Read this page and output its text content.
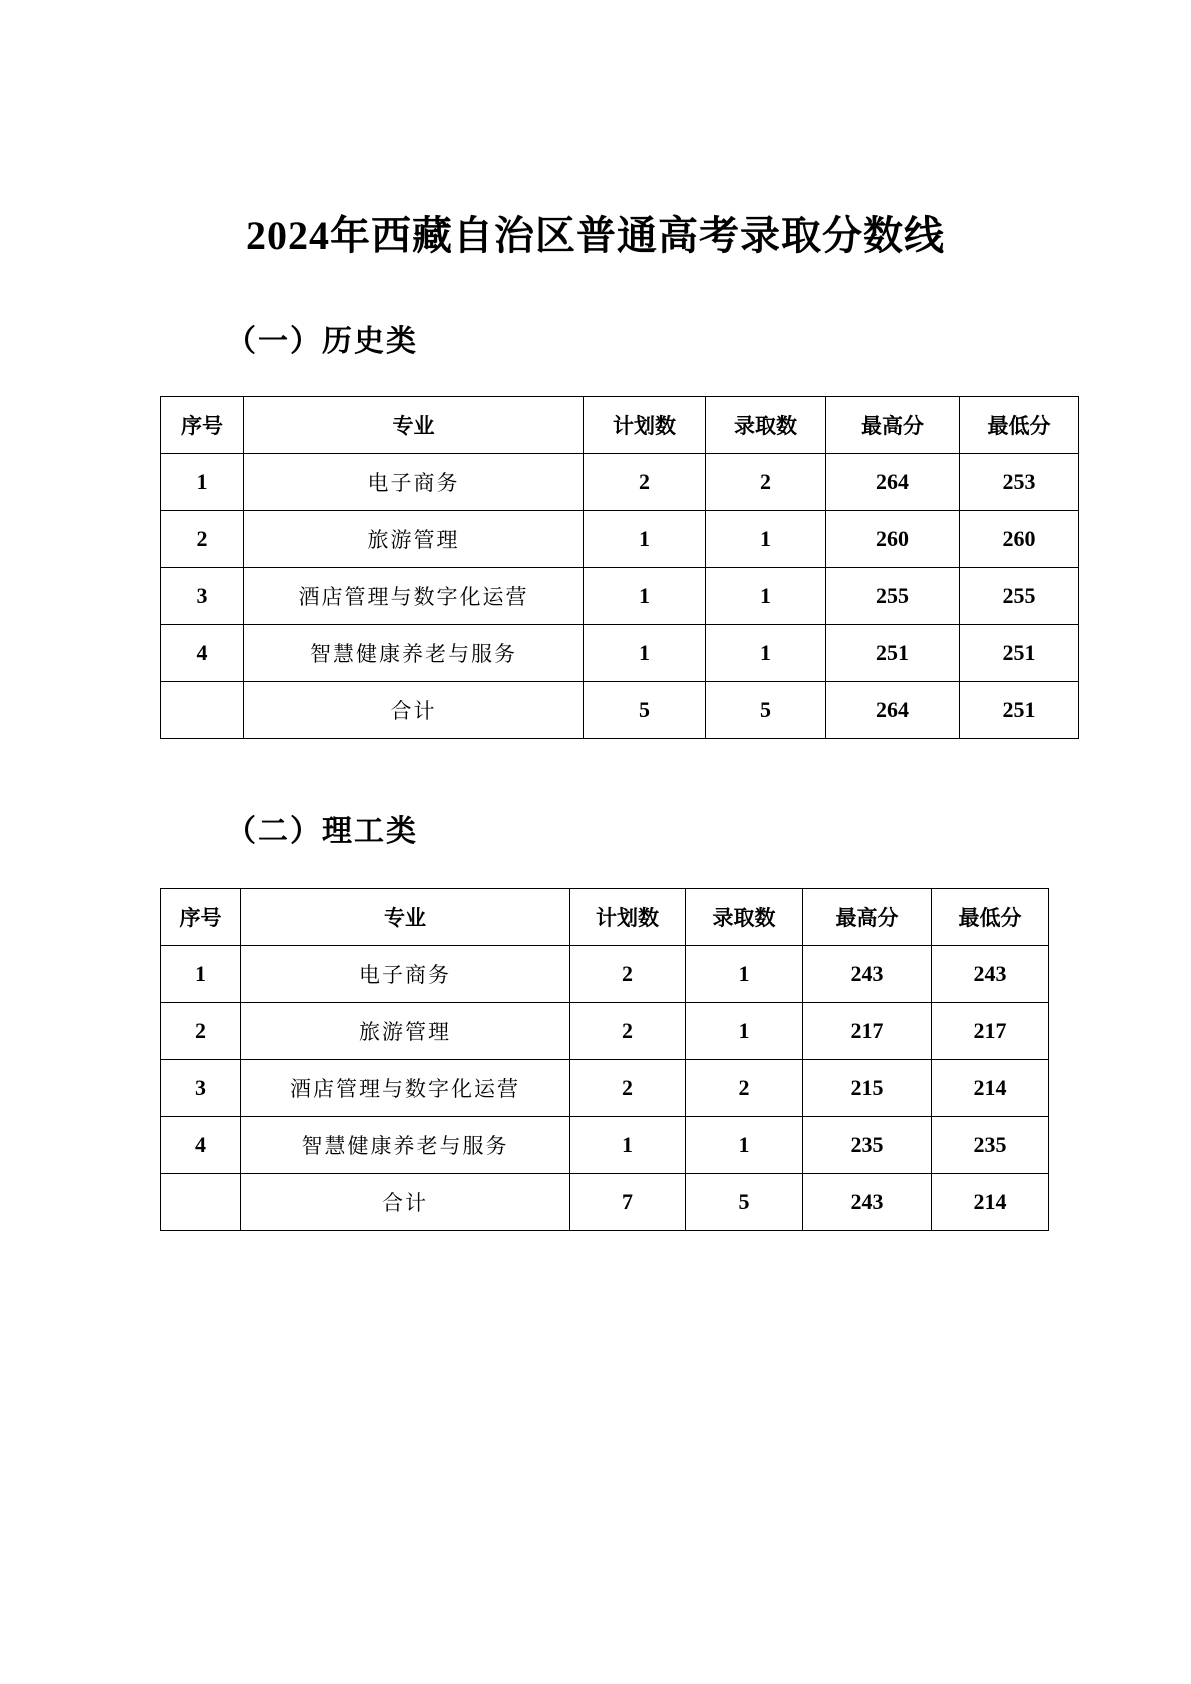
2024年西藏自治区普通高考录取分数线
（一）历史类
序号	专业	计划数	录取数	最高分	最低分
1	电子商务	2	2	264	253
2	旅游管理	1	1	260	260
3	酒店管理与数字化运营	1	1	255	255
4	智慧健康养老与服务	1	1	251	251
	合计	5	5	264	251
（二）理工类
序号	专业	计划数	录取数	最高分	最低分
1	电子商务	2	1	243	243
2	旅游管理	2	1	217	217
3	酒店管理与数字化运营	2	2	215	214
4	智慧健康养老与服务	1	1	235	235
	合计	7	5	243	214
